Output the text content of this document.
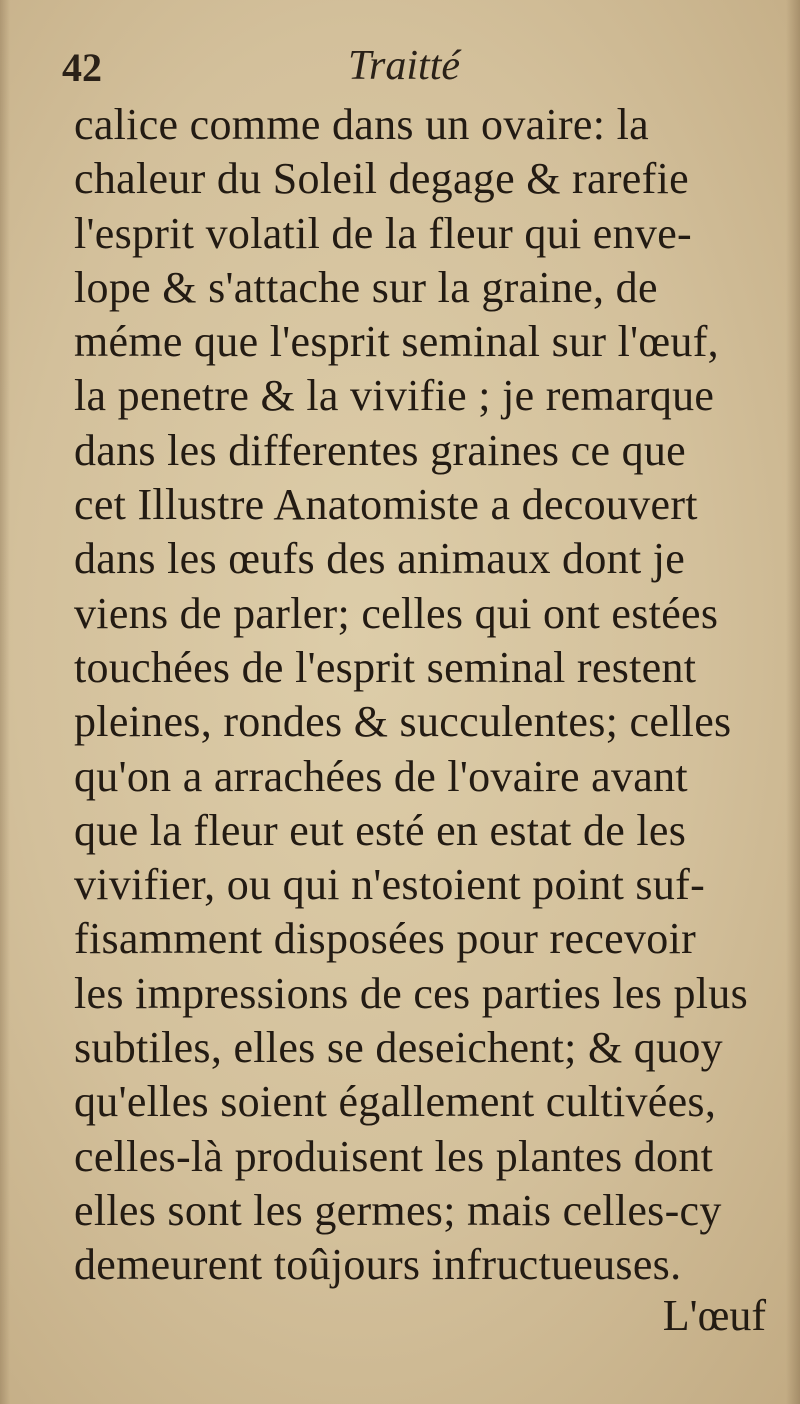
42	Traitté
calice comme dans un ovaire: la
chaleur du Soleil degage & rarefie
l'esprit volatil de la fleur qui enve-
lope & s'attache sur la graine, de
méme que l'esprit seminal sur l'œuf,
la penetre & la vivifie ; je remarque
dans les differentes graines ce que
cet Illustre Anatomiste a decouvert
dans les œufs des animaux dont je
viens de parler; celles qui ont estées
touchées de l'esprit seminal restent
pleines, rondes & succulentes; celles
qu'on a arrachées de l'ovaire avant
que la fleur eut esté en estat de les
vivifier, ou qui n'estoient point suf-
fisamment disposées pour recevoir
les impressions de ces parties les plus
subtiles, elles se deseichent; & quoy
qu'elles soient égallement cultivées,
celles-là produisent les plantes dont
elles sont les germes; mais celles-cy
demeurent toûjours infructueuses.
L'œuf
